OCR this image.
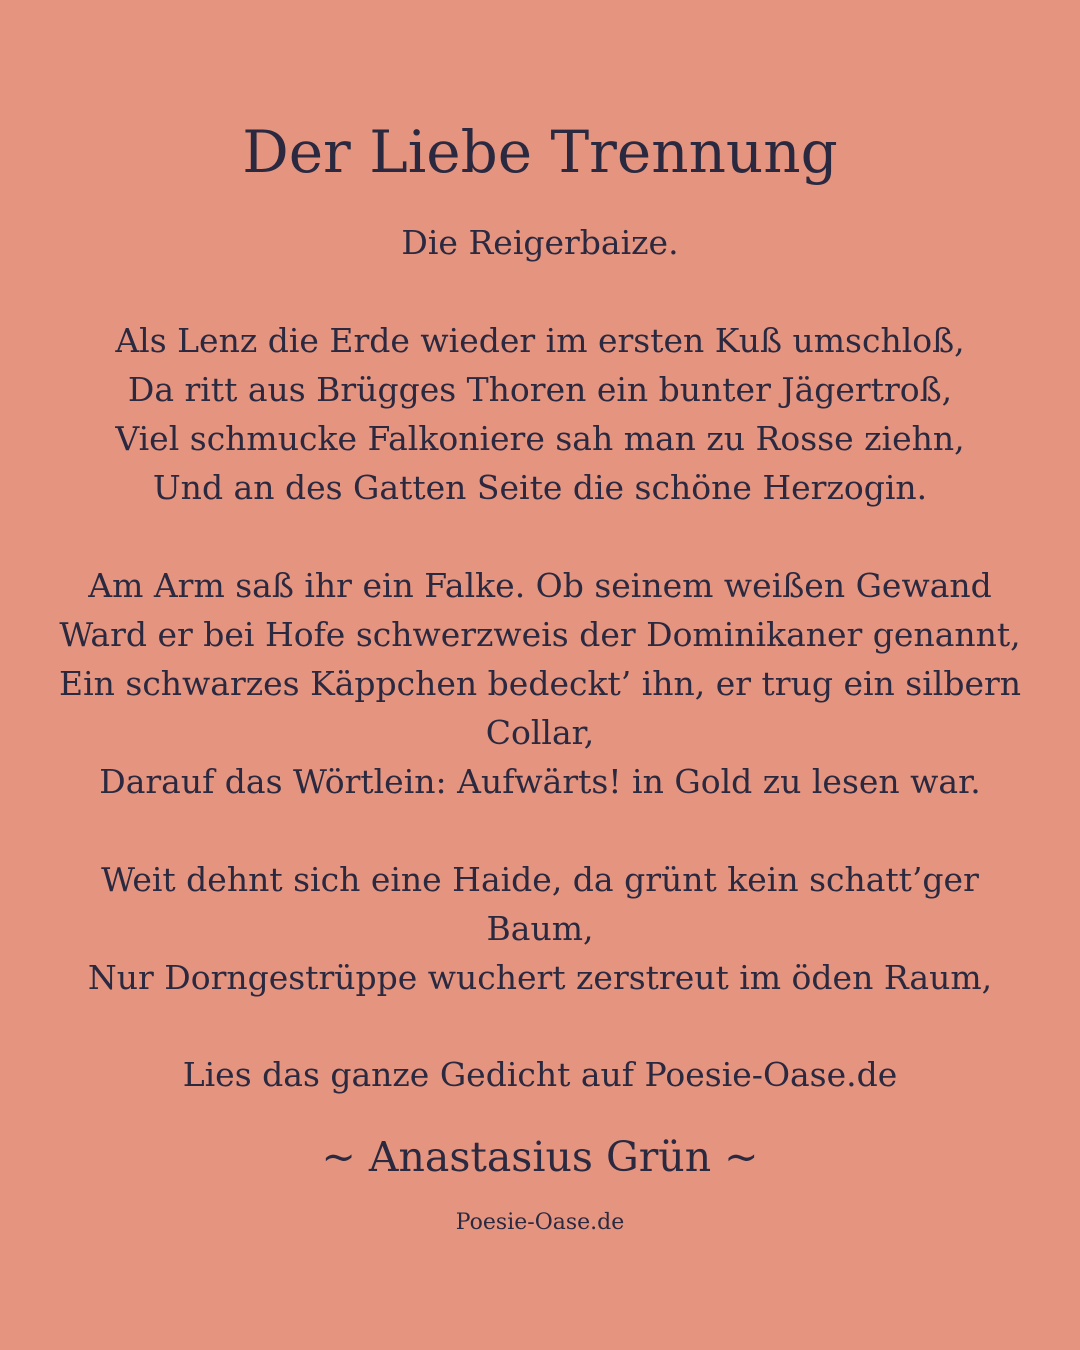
Der Liebe Trennung
Die Reigerbaize.
Als Lenz die Erde wieder im ersten Kuß umschloß,
Da ritt aus Brügges Thoren ein bunter Jägertroß,
Viel schmucke Falkoniere sah man zu Rosse ziehn,
Und an des Gatten Seite die schöne Herzogin.
Am Arm saß ihr ein Falke. Ob seinem weißen Gewand
Ward er bei Hofe schwerzweis der Dominikaner genannt,
Ein schwarzes Käppchen bedeckt’ ihn, er trug ein silbern
Collar,
Darauf das Wörtlein: Aufwärts! in Gold zu lesen war.
Weit dehnt sich eine Haide, da grünt kein schatt’ger
Baum,
Nur Dorngestrüppe wuchert zerstreut im öden Raum,
Lies das ganze Gedicht auf Poesie-Oase.de
~ Anastasius Grün ~
Poesie-Oase.de
